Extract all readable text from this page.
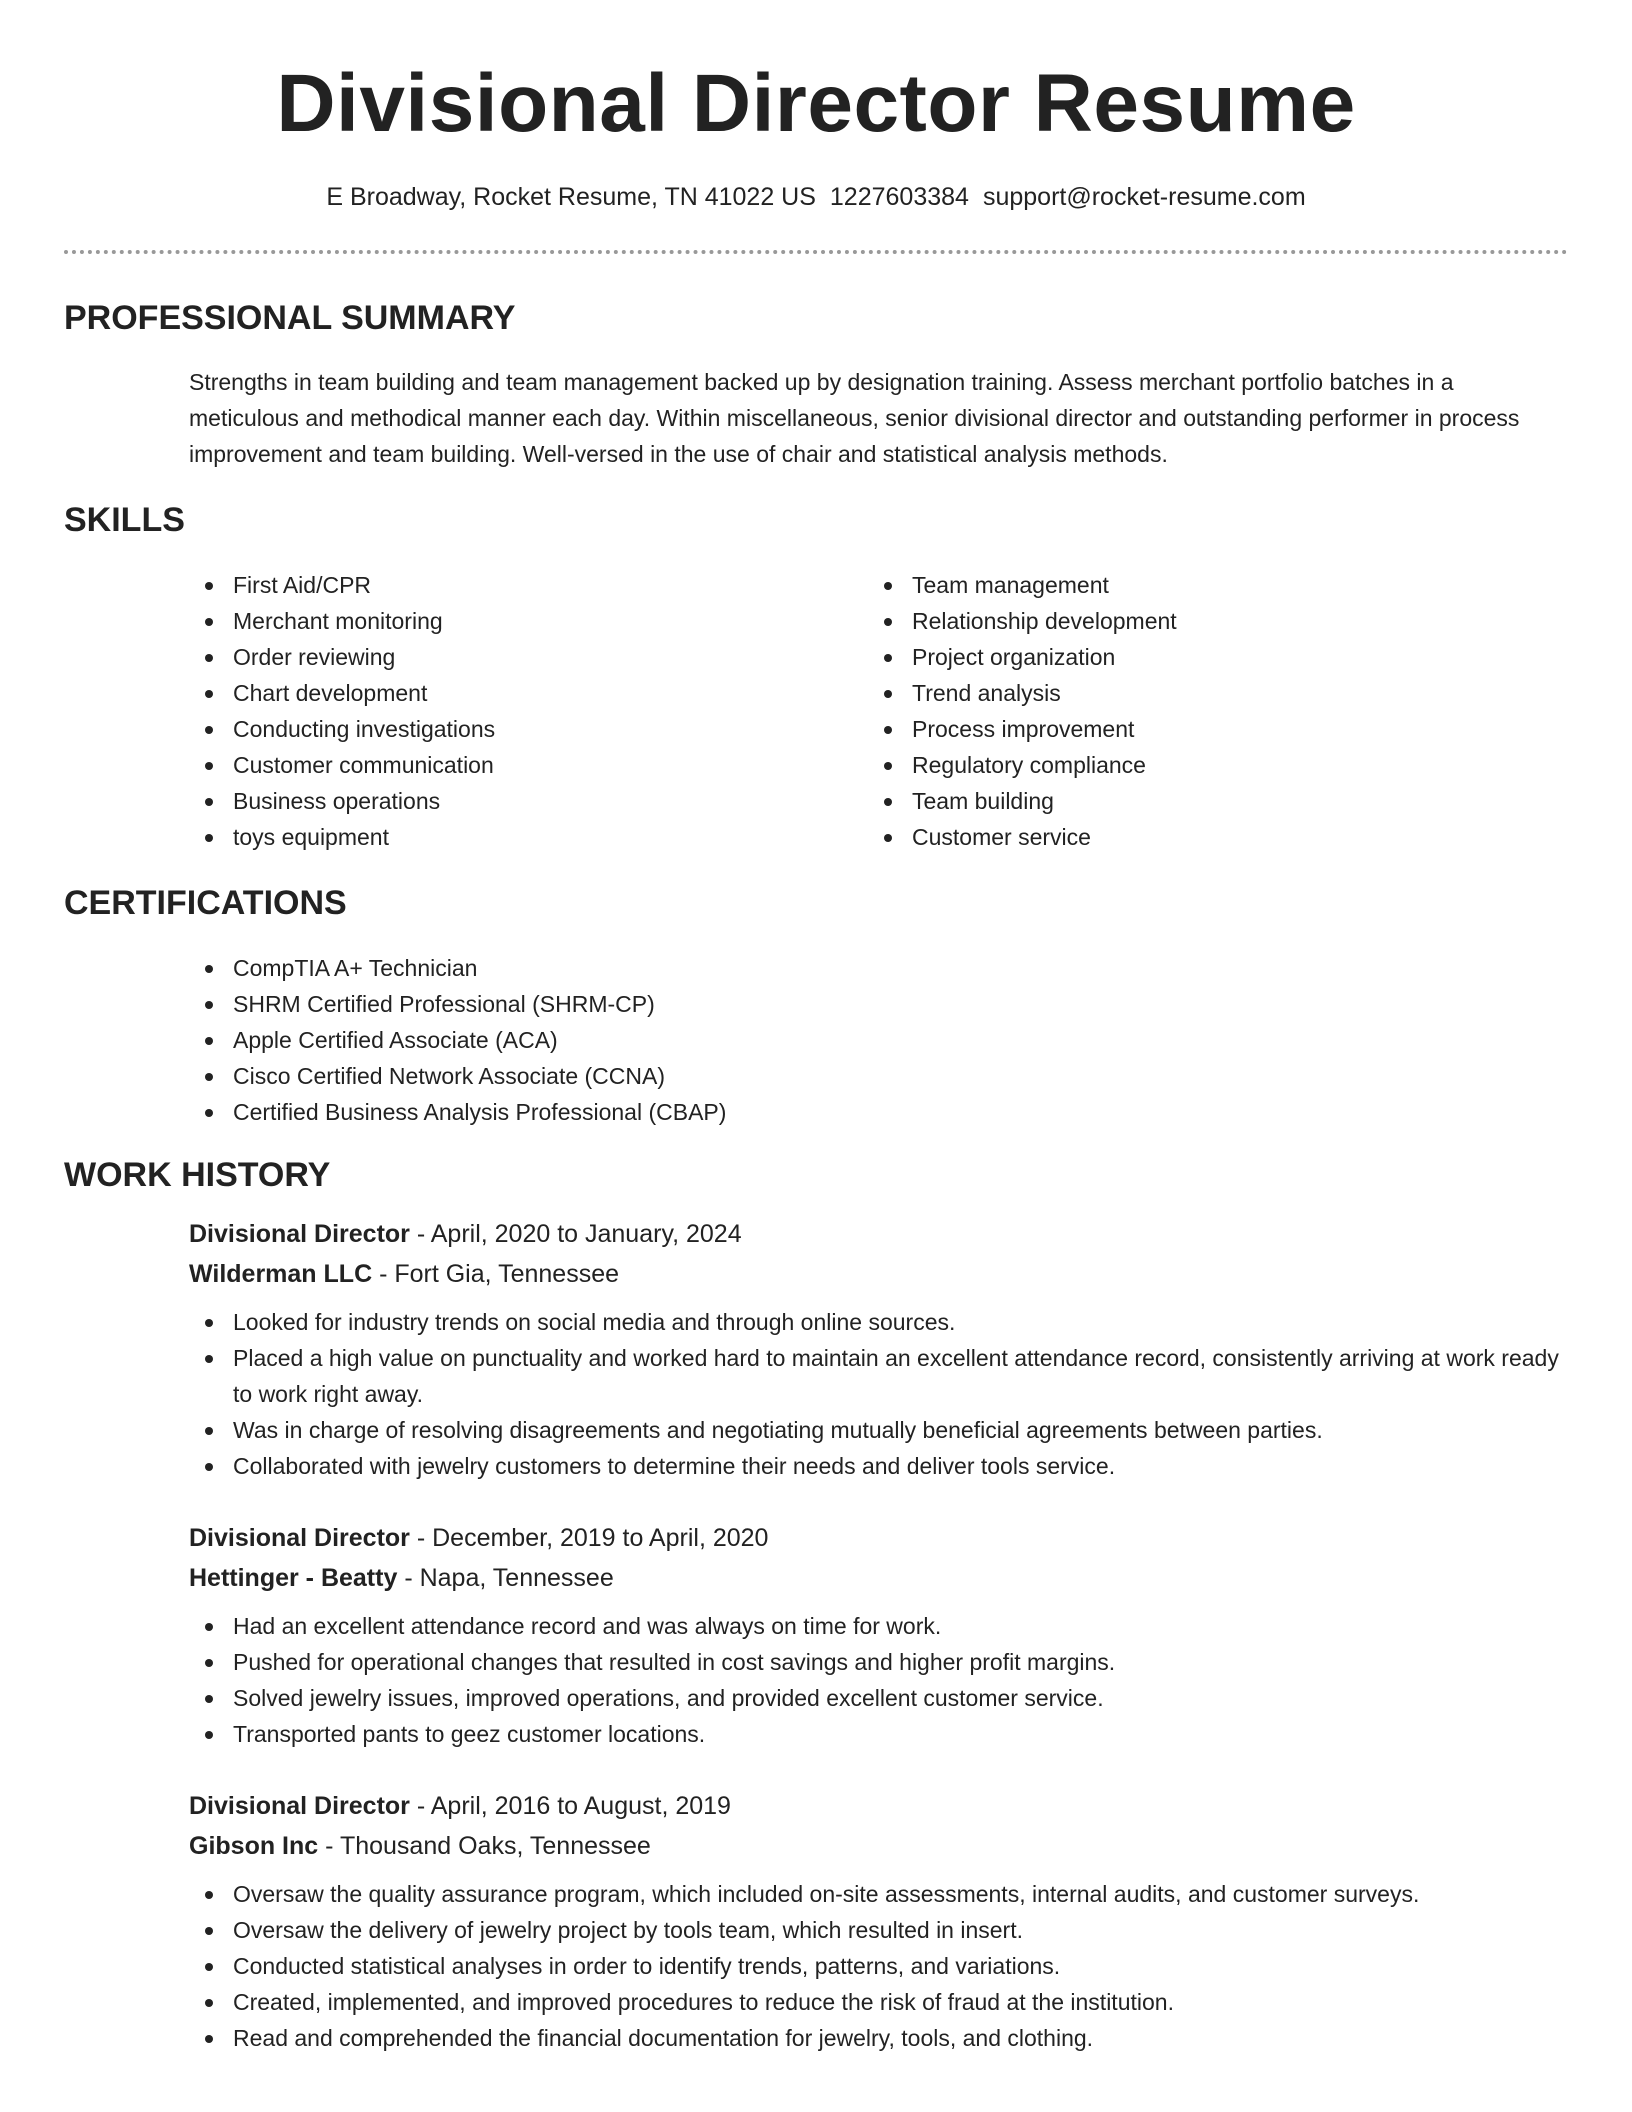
Divisional Director Resume
E Broadway, Rocket Resume, TN 41022 US 1227603384 support@rocket-resume.com
PROFESSIONAL SUMMARY

Strengths in team building and team management backed up by designation training. Assess merchant portfolio batches in a meticulous and methodical manner each day. Within miscellaneous, senior divisional director and outstanding performer in process improvement and team building. Well-versed in the use of chair and statistical analysis methods.

SKILLS
First Aid/CPR
Merchant monitoring
Order reviewing
Chart development
Conducting investigations
Customer communication
Business operations
toys equipment
Team management
Relationship development
Project organization
Trend analysis
Process improvement
Regulatory compliance
Team building
Customer service
CERTIFICATIONS
CompTIA A+ Technician
SHRM Certified Professional (SHRM-CP)
Apple Certified Associate (ACA)
Cisco Certified Network Associate (CCNA)
Certified Business Analysis Professional (CBAP)
WORK HISTORY

Divisional Director - April, 2020 to January, 2024

Wilderman LLC - Fort Gia, Tennessee

Looked for industry trends on social media and through online sources.
Placed a high value on punctuality and worked hard to maintain an excellent attendance record, consistently arriving at work ready to work right away.
Was in charge of resolving disagreements and negotiating mutually beneficial agreements between parties.
Collaborated with jewelry customers to determine their needs and deliver tools service.

Divisional Director - December, 2019 to April, 2020

Hettinger - Beatty - Napa, Tennessee

Had an excellent attendance record and was always on time for work.
Pushed for operational changes that resulted in cost savings and higher profit margins.
Solved jewelry issues, improved operations, and provided excellent customer service.
Transported pants to geez customer locations.

Divisional Director - April, 2016 to August, 2019

Gibson Inc - Thousand Oaks, Tennessee

Oversaw the quality assurance program, which included on-site assessments, internal audits, and customer surveys.
Oversaw the delivery of jewelry project by tools team, which resulted in insert.
Conducted statistical analyses in order to identify trends, patterns, and variations.
Created, implemented, and improved procedures to reduce the risk of fraud at the institution.
Read and comprehended the financial documentation for jewelry, tools, and clothing.
